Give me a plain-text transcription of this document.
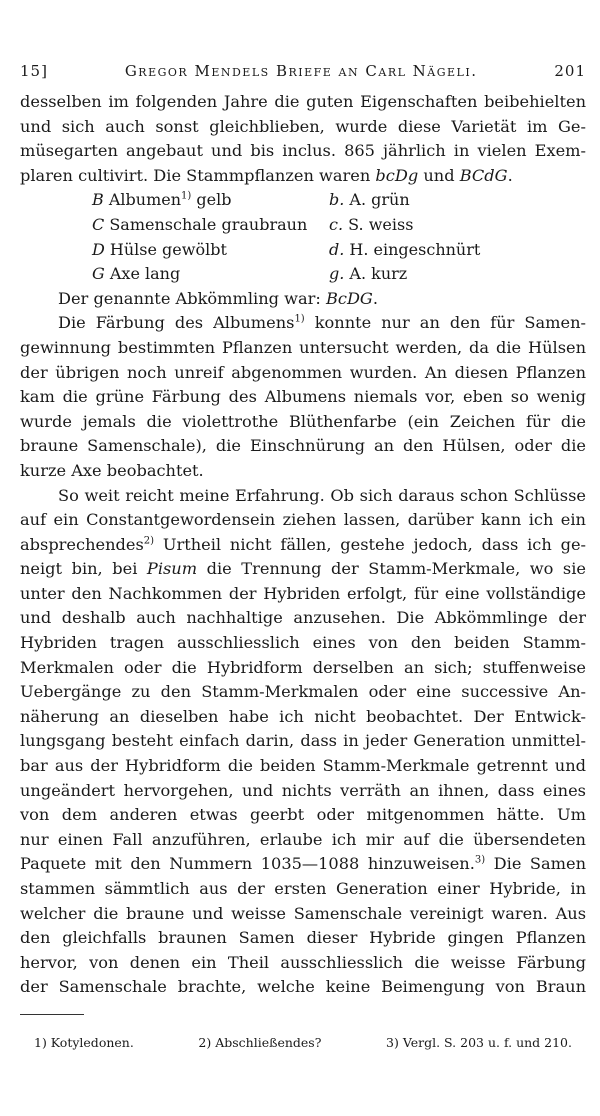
15]	Gregor Mendels Briefe an Carl Nägeli.	201
desselben im folgenden Jahre die guten Eigenschaften beibehielten
und sich auch sonst gleichblieben, wurde diese Varietät im Ge-
müsegarten angebaut und bis inclus. 865 jährlich in vielen Exem-
plaren cultivirt. Die Stammpflanzen waren bcDg und BCdG.
B Albumen$^{1)}$ gelb	b. A. grün
C Samenschale graubraun	c. S. weiss
D Hülse gewölbt	d. H. eingeschnürt
G Axe lang	g. A. kurz
Der genannte Abkömmling war: BcDG.
Die Färbung des Albumens$^{1)}$ konnte nur an den für Samen-
gewinnung bestimmten Pflanzen untersucht werden, da die Hülsen
der übrigen noch unreif abgenommen wurden. An diesen Pflanzen
kam die grüne Färbung des Albumens niemals vor, eben so wenig
wurde jemals die violettrothe Blüthenfarbe (ein Zeichen für die
braune Samenschale), die Einschnürung an den Hülsen, oder die
kurze Axe beobachtet.
So weit reicht meine Erfahrung. Ob sich daraus schon Schlüsse
auf ein Constantgewordensein ziehen lassen, darüber kann ich ein
absprechendes$^{2)}$ Urtheil nicht fällen, gestehe jedoch, dass ich ge-
neigt bin, bei Pisum die Trennung der Stamm-Merkmale, wo sie
unter den Nachkommen der Hybriden erfolgt, für eine vollständige
und deshalb auch nachhaltige anzusehen. Die Abkömmlinge der
Hybriden tragen ausschliesslich eines von den beiden Stamm-
Merkmalen oder die Hybridform derselben an sich; stuffenweise
Uebergänge zu den Stamm-Merkmalen oder eine successive An-
näherung an dieselben habe ich nicht beobachtet. Der Entwick-
lungsgang besteht einfach darin, dass in jeder Generation unmittel-
bar aus der Hybridform die beiden Stamm-Merkmale getrennt und
ungeändert hervorgehen, und nichts verräth an ihnen, dass eines
von dem anderen etwas geerbt oder mitgenommen hätte. Um
nur einen Fall anzuführen, erlaube ich mir auf die übersendeten
Paquete mit den Nummern 1035—1088 hinzuweisen.$^{3)}$ Die Samen
stammen sämmtlich aus der ersten Generation einer Hybride, in
welcher die braune und weisse Samenschale vereinigt waren. Aus
den gleichfalls braunen Samen dieser Hybride gingen Pflanzen
hervor, von denen ein Theil ausschliesslich die weisse Färbung
der Samenschale brachte, welche keine Beimengung von Braun
1) Kotyledonen.	2) Abschließendes?	3) Vergl. S. 203 u. f. und 210.
